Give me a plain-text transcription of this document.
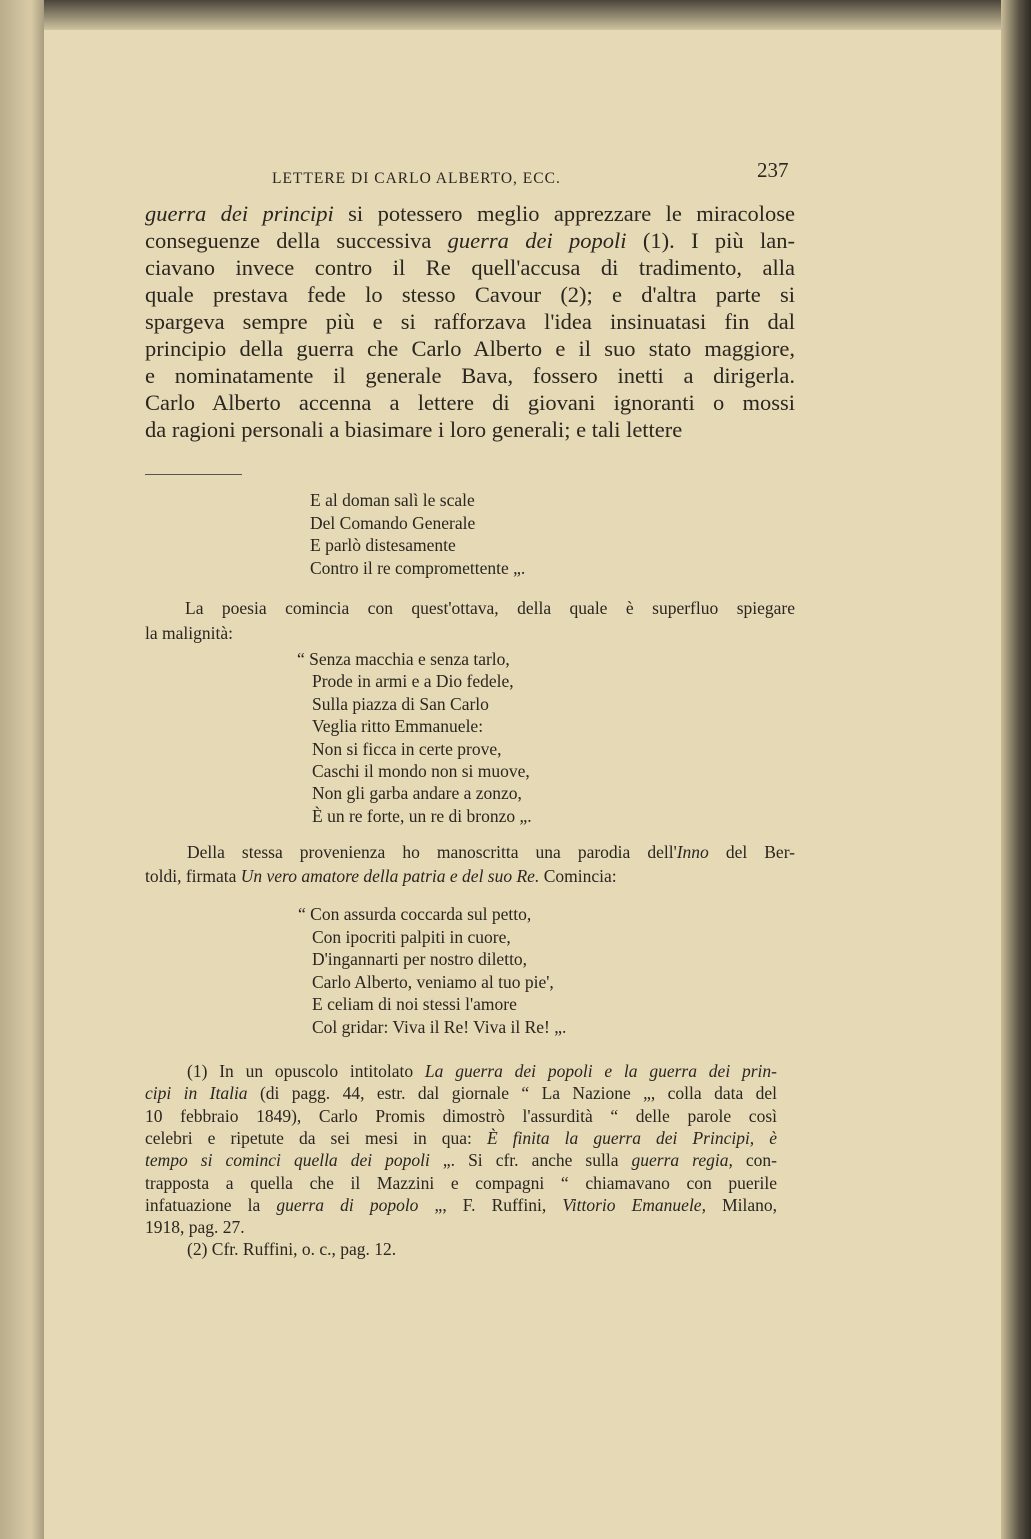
LETTERE DI CARLO ALBERTO, ECC.	237
guerra dei principi si potessero meglio apprezzare le miracolose
conseguenze della successiva guerra dei popoli (1). I più lan-
ciavano invece contro il Re quell'accusa di tradimento, alla
quale prestava fede lo stesso Cavour (2); e d'altra parte si
spargeva sempre più e si rafforzava l'idea insinuatasi fin dal
principio della guerra che Carlo Alberto e il suo stato maggiore,
e nominatamente il generale Bava, fossero inetti a dirigerla.
Carlo Alberto accenna a lettere di giovani ignoranti o mossi
da ragioni personali a biasimare i loro generali; e tali lettere
E al doman salì le scale
Del Comando Generale
E parlò distesamente
Contro il re compromettente „.
La poesia comincia con quest'ottava, della quale è superfluo spiegare
la malignità:
“ Senza macchia e senza tarlo,
Prode in armi e a Dio fedele,
Sulla piazza di San Carlo
Veglia ritto Emmanuele:
Non si ficca in certe prove,
Caschi il mondo non si muove,
Non gli garba andare a zonzo,
È un re forte, un re di bronzo „.
Della stessa provenienza ho manoscritta una parodia dell'Inno del Ber-
toldi, firmata Un vero amatore della patria e del suo Re. Comincia:
“ Con assurda coccarda sul petto,
Con ipocriti palpiti in cuore,
D'ingannarti per nostro diletto,
Carlo Alberto, veniamo al tuo pie',
E celiam di noi stessi l'amore
Col gridar: Viva il Re! Viva il Re! „.
(1) In un opuscolo intitolato La guerra dei popoli e la guerra dei prin-
cipi in Italia (di pagg. 44, estr. dal giornale “ La Nazione „, colla data del
10 febbraio 1849), Carlo Promis dimostrò l'assurdità “ delle parole così
celebri e ripetute da sei mesi in qua: È finita la guerra dei Principi, è
tempo si cominci quella dei popoli „. Si cfr. anche sulla guerra regia, con-
trapposta a quella che il Mazzini e compagni “ chiamavano con puerile
infatuazione la guerra di popolo „, F. Ruffini, Vittorio Emanuele, Milano,
1918, pag. 27.
(2) Cfr. Ruffini, o. c., pag. 12.
